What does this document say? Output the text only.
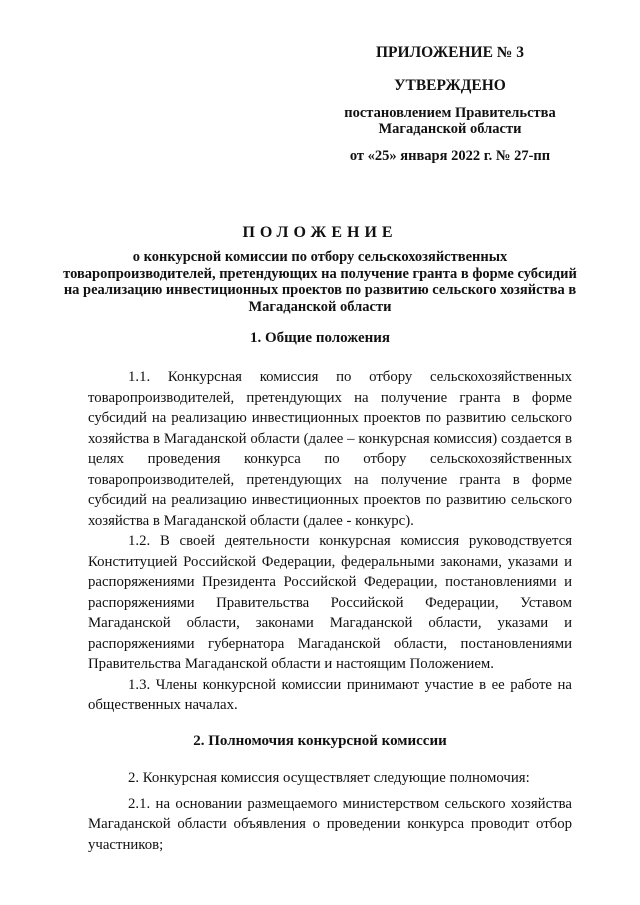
ПРИЛОЖЕНИЕ № 3
УТВЕРЖДЕНО
постановлением Правительства
Магаданской области
от «25» января 2022 г. № 27-пп
ПОЛОЖЕНИЕ
о конкурсной комиссии по отбору сельскохозяйственных товаропроизводителей, претендующих на получение гранта в форме субсидий на реализацию инвестиционных проектов по развитию сельского хозяйства в Магаданской области
1. Общие положения

1.1. Конкурсная комиссия по отбору сельскохозяйственных товаропроизводителей, претендующих на получение гранта в форме субсидий на реализацию инвестиционных проектов по развитию сельского хозяйства в Магаданской области (далее – конкурсная комиссия) создается в целях проведения конкурса по отбору сельскохозяйственных товаропроизводителей, претендующих на получение гранта в форме субсидий на реализацию инвестиционных проектов по развитию сельского хозяйства в Магаданской области (далее - конкурс).

1.2. В своей деятельности конкурсная комиссия руководствуется Конституцией Российской Федерации, федеральными законами, указами и распоряжениями Президента Российской Федерации, постановлениями и распоряжениями Правительства Российской Федерации, Уставом Магаданской области, законами Магаданской области, указами и распоряжениями губернатора Магаданской области, постановлениями Правительства Магаданской области и настоящим Положением.

1.3. Члены конкурсной комиссии принимают участие в ее работе на общественных началах.

2. Полномочия конкурсной комиссии

2. Конкурсная комиссия осуществляет следующие полномочия:

2.1. на основании размещаемого министерством сельского хозяйства Магаданской области объявления о проведении конкурса проводит отбор участников;
